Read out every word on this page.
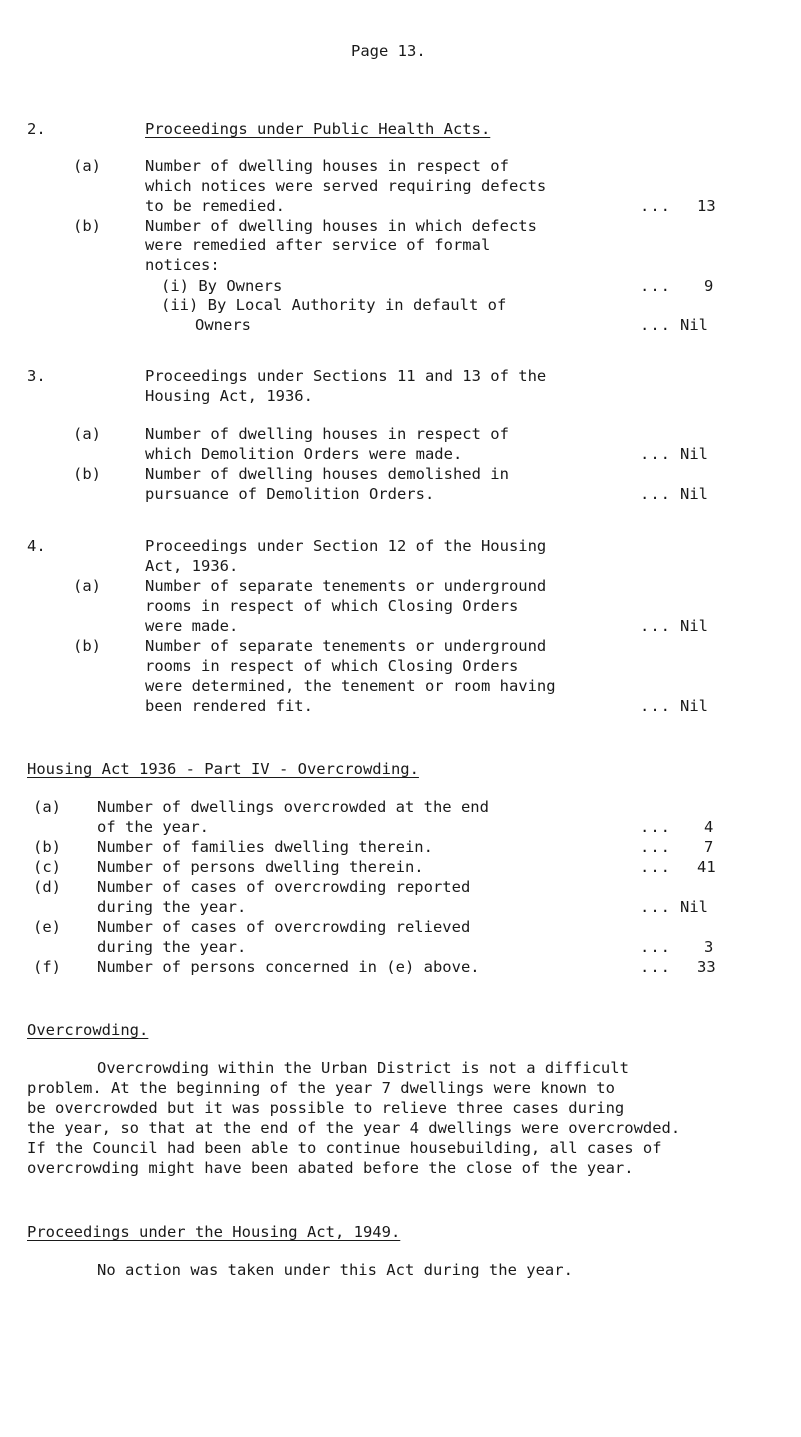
Page 13.
2.	Proceedings under Public Health Acts.
(a)	Number of dwelling houses in respect of
which notices were served requiring defects
to be remedied.	... 13
(b)	Number of dwelling houses in which defects
were remedied after service of formal
notices:
(i) By Owners	... 9
(ii) By Local Authority in default of
Owners	... Nil
3.	Proceedings under Sections 11 and 13 of the
Housing Act, 1936.
(a)	Number of dwelling houses in respect of
which Demolition Orders were made.	... Nil
(b)	Number of dwelling houses demolished in
pursuance of Demolition Orders.	... Nil
4.	Proceedings under Section 12 of the Housing
Act, 1936.
(a)	Number of separate tenements or underground
rooms in respect of which Closing Orders
were made.	... Nil
(b)	Number of separate tenements or underground
rooms in respect of which Closing Orders
were determined, the tenement or room having
been rendered fit.	... Nil
Housing Act 1936 - Part IV - Overcrowding.
(a) Number of dwellings overcrowded at the end
of the year.	... 4
(b) Number of families dwelling therein.	... 7
(c) Number of persons dwelling therein.	... 41
(d) Number of cases of overcrowding reported
during the year.	... Nil
(e) Number of cases of overcrowding relieved
during the year.	... 3
(f) Number of persons concerned in (e) above.	... 33
Overcrowding.
Overcrowding within the Urban District is not a difficult
problem. At the beginning of the year 7 dwellings were known to
be overcrowded but it was possible to relieve three cases during
the year, so that at the end of the year 4 dwellings were overcrowded.
If the Council had been able to continue housebuilding, all cases of
overcrowding might have been abated before the close of the year.
Proceedings under the Housing Act, 1949.
No action was taken under this Act during the year.
